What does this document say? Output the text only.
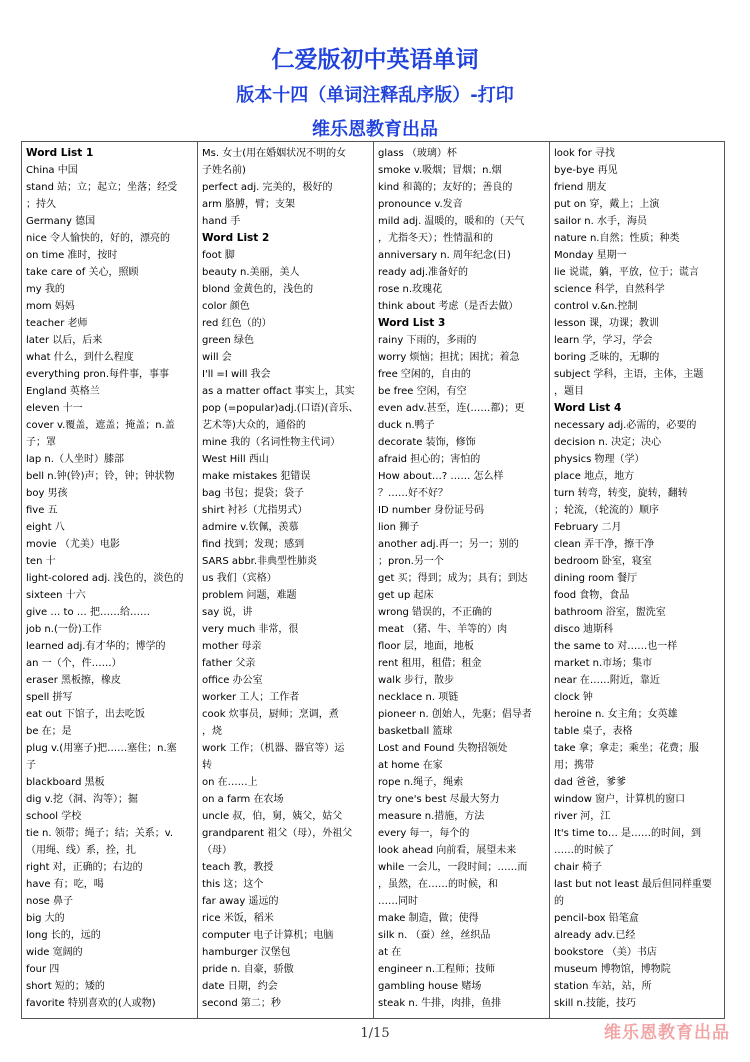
仁爱版初中英语单词
版本十四（单词注释乱序版）-打印
维乐恩教育出品
Word List 1
China 中国
stand 站；立；起立；坐落；经受
；持久
Germany 德国
nice 令人愉快的，好的，漂亮的
on time 准时，按时
take care of 关心，照顾
my 我的
mom 妈妈
teacher 老师
later 以后，后来
what 什么，到什么程度
everything pron.每件事，事事
England 英格兰
eleven 十一
cover v.覆盖，遮盖；掩盖；n.盖
子；罩
lap n.（人坐时）膝部
bell n.钟(铃)声；铃，钟；钟状物
boy 男孩
five 五
eight 八
movie （尤美）电影
ten 十
light-colored adj. 浅色的，淡色的
sixteen 十六
give … to … 把……给……
job n.(一份)工作
learned adj.有才华的；博学的
an 一（个，件……）
eraser 黑板擦，橡皮
spell 拼写
eat out 下馆子，出去吃饭
be 在；是
plug v.(用塞子)把……塞住；n.塞
子
blackboard 黑板
dig v.挖（洞、沟等）；掘
school 学校
tie n. 领带；绳子；结；关系；v.
（用绳、线）系，拴，扎
right 对，正确的；右边的
have 有；吃，喝
nose 鼻子
big 大的
long 长的，远的
wide 宽阔的
four 四
short 短的；矮的
favorite 特别喜欢的(人或物)
Ms. 女士(用在婚姻状况不明的女
子姓名前)
perfect adj. 完美的，极好的
arm 胳膊，臂；支架
hand 手
Word List 2
foot 脚
beauty n.美丽，美人
blond 金黄色的，浅色的
color 颜色
red 红色（的）
green 绿色
will 会
I'll =I will 我会
as a matter offact 事实上，其实
pop (=popular)adj.(口语)(音乐、
艺术等)大众的，通俗的
mine 我的（名词性物主代词）
West Hill 西山
make mistakes 犯错误
bag 书包；提袋；袋子
shirt 衬衫（尤指男式）
admire v.钦佩，羡慕
find 找到；发现；感到
SARS abbr.非典型性肺炎
us 我们（宾格）
problem 问题，难题
say 说，讲
very much 非常，很
mother 母亲
father 父亲
office 办公室
worker 工人；工作者
cook 炊事员，厨师；烹调，煮
，烧
work 工作；（机器、器官等）运
转
on 在……上
on a farm 在农场
uncle 叔，伯，舅，姨父，姑父
grandparent 祖父（母），外祖父
（母）
teach 教，教授
this 这；这个
far away 遥远的
rice 米饭，稻米
computer 电子计算机；电脑
hamburger 汉堡包
pride n. 自豪，骄傲
date 日期，约会
second 第二；秒
glass （玻璃）杯
smoke v.吸烟；冒烟；n.烟
kind 和蔼的；友好的；善良的
pronounce v.发音
mild adj. 温暖的，暖和的（天气
，尤指冬天）；性情温和的
anniversary n. 周年纪念(日)
ready adj.准备好的
rose n.玫瑰花
think about 考虑（是否去做）
Word List 3
rainy 下雨的，多雨的
worry 烦恼；担扰；困扰；着急
free 空闲的，自由的
be free 空闲，有空
even adv.甚至，连(……都)；更
duck n.鸭子
decorate 装饰，修饰
afraid 担心的；害怕的
How about…? …… 怎么样
？……好不好？
ID number 身份证号码
lion 狮子
another adj.再一；另一；别的
；pron.另一个
get 买；得到；成为；具有；到达
get up 起床
wrong 错误的，不正确的
meat （猪、牛、羊等的）肉
floor 层，地面，地板
rent 租用，租借；租金
walk 步行，散步
necklace n. 项链
pioneer n. 创始人，先驱；倡导者
basketball 篮球
Lost and Found 失物招领处
at home 在家
rope n.绳子，绳索
try one's best 尽最大努力
measure n.措施，方法
every 每一，每个的
look ahead 向前看，展望未来
while 一会儿，一段时间；……而
，虽然，在……的时候，和
……同时
make 制造，做；使得
silk n. （蚕）丝，丝织品
at 在
engineer n.工程师；技师
gambling house 赌场
steak n. 牛排，肉排，鱼排
look for 寻找
bye-bye 再见
friend 朋友
put on 穿，戴上；上演
sailor n. 水手，海员
nature n.自然；性质；种类
Monday 星期一
lie 说谎，躺，平放，位于；谎言
science 科学，自然科学
control v.&n.控制
lesson 课，功课；教训
learn 学，学习，学会
boring 乏味的，无聊的
subject 学科，主语，主体，主题
，题目
Word List 4
necessary adj.必需的，必要的
decision n. 决定；决心
physics 物理（学）
place 地点，地方
turn 转弯，转变，旋转，翻转
；轮流，（轮流的）顺序
February 二月
clean 弄干净，擦干净
bedroom 卧室，寝室
dining room 餐厅
food 食物，食品
bathroom 浴室，盥洗室
disco 迪斯科
the same to 对……也一样
market n.市场；集市
near 在……附近，靠近
clock 钟
heroine n. 女主角；女英雄
table 桌子，表格
take 拿；拿走；乘坐；花费；服
用；携带
dad 爸爸，爹爹
window 窗户，计算机的窗口
river 河，江
It's time to… 是……的时间，到
……的时候了
chair 椅子
last but not least 最后但同样重要
的
pencil-box 铅笔盒
already adv.已经
bookstore （美）书店
museum 博物馆，博物院
station 车站，站，所
skill n.技能，技巧
1/15	维乐恩教育出品
